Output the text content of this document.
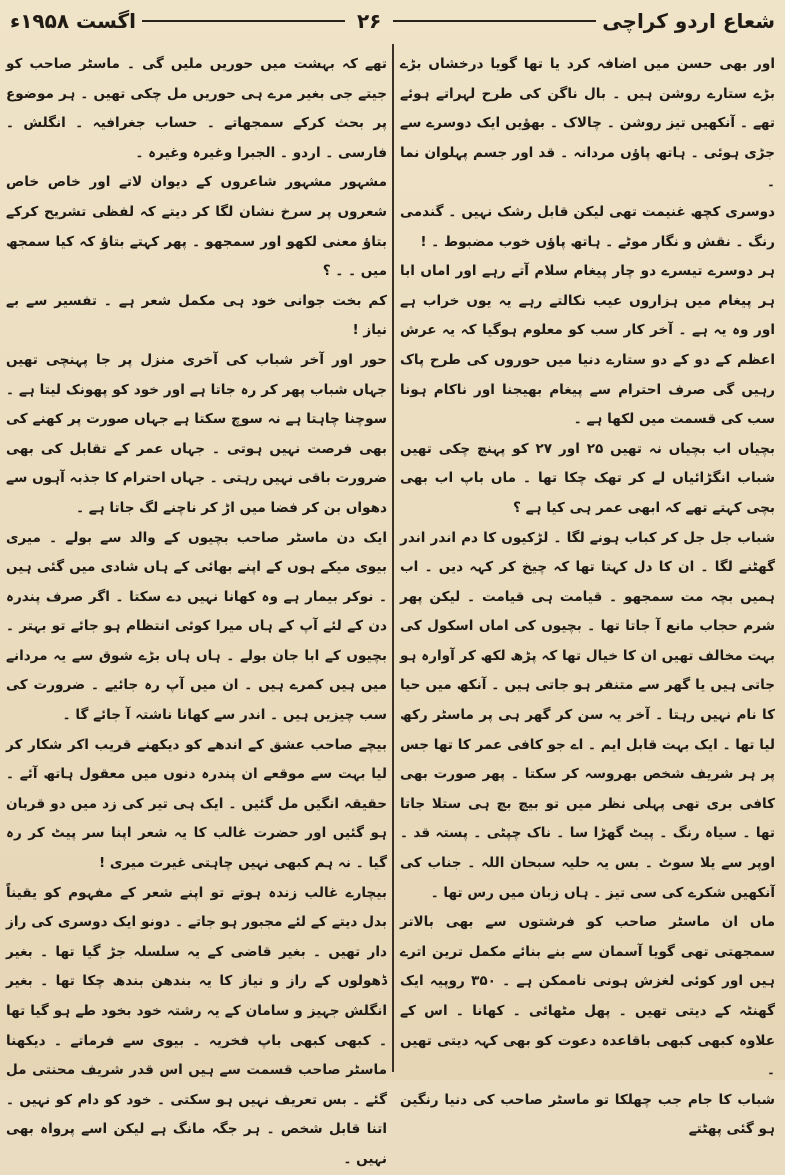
شعاع اردو کراچی
۲۶
اگست ۱۹۵۸ء

اور بھی حسن میں اضافہ کرد یا تھا گویا درخشاں بڑے بڑے ستارے روشن ہیں ۔ بال ناگن کی طرح لہراتے ہوئے تھے ۔ آنکھیں تیز روشن ۔ چالاک ۔ بھؤیں ایک دوسرے سے جڑی ہوئی ۔ ہاتھ پاؤں مردانہ ۔ قد اور جسم پہلوان نما ۔

دوسری کچھ غنیمت تھی لیکن قابل رشک نہیں ۔ گندمی رنگ ۔ نقش و نگار موٹے ۔ ہاتھ پاؤں خوب مضبوط ۔ !

ہر دوسرے تیسرے دو چار پیغام سلام آتے رہے اور اماں ابا ہر پیغام میں ہزاروں عیب نکالتے رہے یہ یوں خراب ہے اور وہ یہ ہے ۔ آخر کار سب کو معلوم ہوگیا کہ یہ عرش اعظم کے دو کے دو ستارے دنیا میں حوروں کی طرح پاک رہیں گی صرف احترام سے پیغام بھیجنا اور ناکام ہونا سب کی قسمت میں لکھا ہے ۔

بچیاں اب بچیاں نہ تھیں ۲۵ اور ۲۷ کو پہنچ چکی تھیں شباب انگڑائیاں لے کر تھک چکا تھا ۔ ماں باپ اب بھی بچی کہتے تھے کہ ابھی عمر ہی کیا ہے ؟

شباب جل جل کر کباب ہونے لگا ۔ لڑکیوں کا دم اندر اندر گھٹنے لگا ۔ ان کا دل کہتا تھا کہ چیخ کر کہہ دیں ۔ اب ہمیں بچہ مت سمجھو ۔ قیامت ہی قیامت ۔ لیکن پھر شرم حجاب مانع آ جاتا تھا ۔ بچیوں کی اماں اسکول کی بہت مخالف تھیں ان کا خیال تھا کہ پڑھ لکھ کر آوارہ ہو جاتی ہیں یا گھر سے متنفر ہو جاتی ہیں ۔ آنکھ میں حیا کا نام نہیں رہتا ۔ آخر یہ سن کر گھر ہی پر ماسٹر رکھ لیا تھا ۔ ایک بہت قابل ایم ۔ اے جو کافی عمر کا تھا جس پر ہر شریف شخص بھروسہ کر سکتا ۔ پھر صورت بھی کافی بری تھی پہلی نظر میں تو بیچ بچ ہی ستلا جاتا تھا ۔ سیاہ رنگ ۔ پیٹ گھڑا سا ۔ ناک چپٹی ۔ پستہ قد ۔ اوپر سے یلا سوٹ ۔ بس یہ حلیہ سبحان اللہ ۔ جناب کی آنکھیں شکرے کی سی تیز ۔ ہاں زبان میں رس تھا ۔

ماں ان ماسٹر صاحب کو فرشتوں سے بھی بالاتر سمجھتی تھی گویا آسمان سے بنے بنائے مکمل ترین اترے ہیں اور کوئی لغزش ہونی ناممکن ہے ۔ ۳۵۰ روپیہ ایک گھنٹہ کے دیتی تھیں ۔ پھل مٹھائی ۔ کھانا ۔ اس کے علاوہ کبھی کبھی باقاعدہ دعوت کو بھی کہہ دیتی تھیں ۔

شباب کا جام جب چھلکا تو ماسٹر صاحب کی دنیا رنگین ہو گئی پھٹتے

تھے کہ بہشت میں حوریں ملیں گی ۔ ماسٹر صاحب کو جیتے جی بغیر مرے ہی حوریں مل چکی تھیں ۔ ہر موضوع پر بحث کرکے سمجھاتے ۔ حساب جغرافیہ ۔ انگلش ۔ فارسی ۔ اردو ۔ الجبرا وغیرہ وغیرہ ۔

مشہور مشہور شاعروں کے دیوان لاتے اور خاص خاص شعروں پر سرخ نشان لگا کر دیتے کہ لفظی تشریح کرکے بتاؤ معنی لکھو اور سمجھو ۔ پھر کہتے بتاؤ کہ کیا سمجھ میں ۔ ۔ ؟

کم بخت جوانی خود ہی مکمل شعر ہے ۔ تفسیر سے بے نیاز !

حور اور آخر شباب کی آخری منزل پر جا پہنچی تھیں جہاں شباب پھر کر رہ جاتا ہے اور خود کو پھونک لیتا ہے ۔ سوچنا چاہتا ہے نہ سوچ سکتا ہے جہاں صورت پر کھنے کی بھی فرصت نہیں ہوتی ۔ جہاں عمر کے تقابل کی بھی ضرورت باقی نہیں رہتی ۔ جہاں احترام کا جذبہ آہوں سے دھواں بن کر فضا میں اڑ کر ناچنے لگ جاتا ہے ۔

ایک دن ماسٹر صاحب بچیوں کے والد سے بولے ۔ میری بیوی میکے ہوں کے اپنے بھائی کے ہاں شادی میں گئی ہیں ۔ نوکر بیمار ہے وہ کھانا نہیں دے سکتا ۔ اگر صرف پندرہ دن کے لئے آپ کے ہاں میرا کوئی انتظام ہو جائے تو بہتر ۔ بچیوں کے ابا جان بولے ۔ ہاں ہاں بڑے شوق سے یہ مردانے میں ہیں کمرے ہیں ۔ ان میں آپ رہ جائیے ۔ ضرورت کی سب چیزیں ہیں ۔ اندر سے کھانا ناشتہ آ جائے گا ۔

بیچے صاحب عشق کے اندھے کو دیکھنے قریب اکر شکار کر لیا بہت سے موقعے ان پندرہ دنوں میں معقول ہاتھ آئے ۔ حقیقہ انگیں مل گئیں ۔ ایک ہی تیر کی زد میں دو قربان ہو گئیں اور حضرت غالب کا یہ شعر اپنا سر پیٹ کر رہ گیا ۔ نہ ہم کبھی نہیں چاہتی غیرت میری !

بیچارے غالب زندہ ہوتے تو اپنے شعر کے مفہوم کو یقیناً بدل دیتے کے لئے مجبور ہو جاتے ۔ دونو ایک دوسری کی راز دار تھیں ۔ بغیر قاضی کے یہ سلسلہ جڑ گیا تھا ۔ بغیر ڈھولوں کے راز و نیاز کا یہ بندھن بندھ چکا تھا ۔ بغیر انگلش جہیز و سامان کے یہ رشتہ خود بخود طے ہو گیا تھا ۔ کبھی کبھی باپ فخریہ ۔ بیوی سے فرماتے ۔ دیکھنا ماسٹر صاحب قسمت سے ہیں اس قدر شریف محنتی مل گئے ۔ بس تعریف نہیں ہو سکتی ۔ خود کو دام کو نہیں ۔ اتنا قابل شخص ۔ ہر جگہ مانگ ہے لیکن اسے پرواہ بھی نہیں ۔
